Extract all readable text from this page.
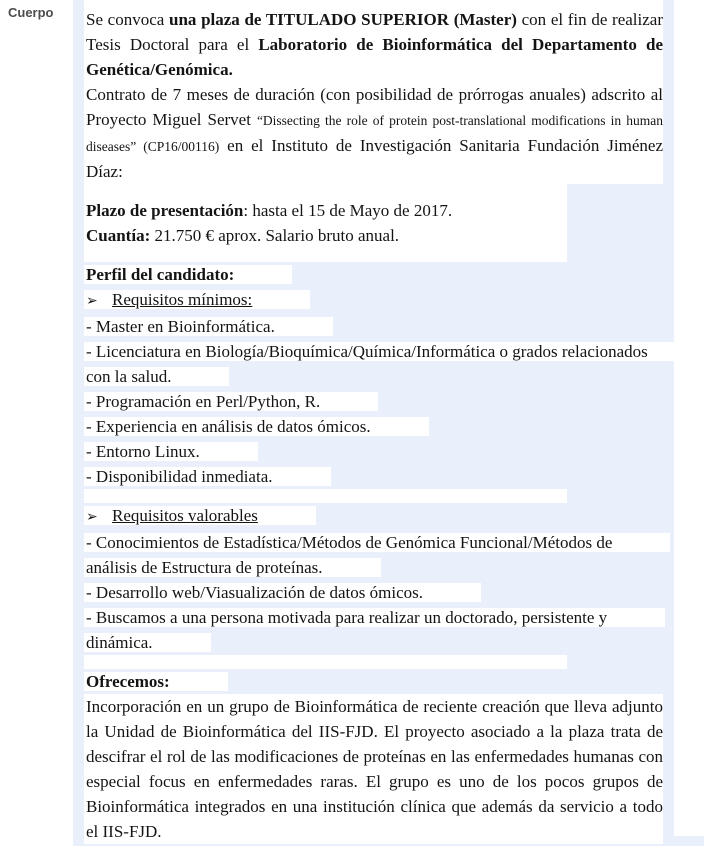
Cuerpo Se convoca una plaza de TITULADO SUPERIOR (Master) con el fin de realizar Tesis Doctoral para el Laboratorio de Bioinformática del Departamento de Genética/Genómica.
Contrato de 7 meses de duración (con posibilidad de prórrogas anuales) adscrito al Proyecto Miguel Servet “Dissecting the role of protein post-translational modifications in human diseases” (CP16/00116) en el Instituto de Investigación Sanitaria Fundación Jiménez Díaz:
Plazo de presentación: hasta el 15 de Mayo de 2017.
Cuantía: 21.750 € aprox. Salario bruto anual.
Perfil del candidato:
➢ Requisitos mínimos:
- Master en Bioinformática.
- Licenciatura en Biología/Bioquímica/Química/Informática o grados relacionados con la salud.
- Programación en Perl/Python, R.
- Experiencia en análisis de datos ómicos.
- Entorno Linux.
- Disponibilidad inmediata.
➢ Requisitos valorables
- Conocimientos de Estadística/Métodos de Genómica Funcional/Métodos de análisis de Estructura de proteínas.
- Desarrollo web/Viasualización de datos ómicos.
- Buscamos a una persona motivada para realizar un doctorado, persistente y dinámica.
Ofrecemos:
Incorporación en un grupo de Bioinformática de reciente creación que lleva adjunto la Unidad de Bioinformática del IIS-FJD. El proyecto asociado a la plaza trata de descifrar el rol de las modificaciones de proteínas en las enfermedades humanas con especial focus en enfermedades raras. El grupo es uno de los pocos grupos de Bioinformática integrados en una institución clínica que además da servicio a todo el IIS-FJD.
